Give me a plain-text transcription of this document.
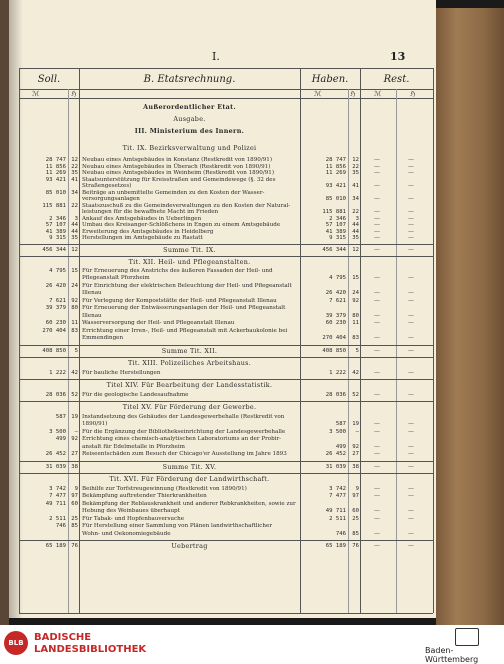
I.	13
Soll.	B. Etatsrechnung.	Haben.	Rest.
ℳ	ℌ	ℳ	ℌ	ℳ	ℌ
Außerordentlicher Etat.
Ausgabe.
III. Ministerium des Innern.
Tit. IX. Bezirksverwaltung und Polizei
28 747 12 Neubau eines Amtsgebäudes in Konstanz (Restkredit von 1890/91)	28 747	12	—	—
11 856 22 Neubau eines Amtsgebäudes in Überach (Restkredit von 1890/91)	11 856	22	—	—
11 269 35 Neubau eines Amtsgebäudes in Weinheim (Restkredit von 1890/91)	11 269	35	—	—
93 421 41 Staatsunterstützung für Kreisstraßen und Gemeindewege (§. 32 des
Straßengesetzes)	93 421	41	—	—
85 010 34 Beiträge an unbemittelte Gemeinden zu den Kosten der Wasser-
versorgungsanlagen	85 010	34	—	—
115 881 22 Staatszuschuß zu die Gemeindeverwaltungen zu den Kosten der Natural-
leistungen für die bewaffnete Macht im Frieden	115 881	22	—	—
2 346	3 Ankauf des Amtsgebäudes in Ueberlingen	2 346	3	—	—
57 107 44 Umbau des Kreisanger-Schlößchens in Engen zu einem Amtsgebäude	57 107	44	—	—
41 389 44 Erweiterung des Amtsgebäudes in Heidelberg	41 389	44	—	—
9 315 35 Herstellungen im Amtsgebäude zu Rastatt	9 315	35	—	—
456 344 12	Summe Tit. IX.	456 344	12	—	—
Tit. XII. Heil- und Pflegeanstalten.
4 795 15 Für Erneuerung des Anstrichs des äußeren Fassaden der Heil- und
Pflegeanstalt Pforzheim	4 795	15	—	—
26 420 24 Für Einrichtung der elektrischen Beleuchtung der Heil- und Pflegeanstalt
Illenau	26 420	24	—	—
7 621 92 Für Verlegung der Kompoststätte der Heil- und Pflegeanstalt Illenau	7 621	92	—	—
39 379 80 Für Erneuerung der Entwässerungsanlagen der Heil- und Pflegeanstalt
Illenau	39 379	80	—	—
60 230 11 Wasserversorgung der Heil- und Pflegeanstalt Illenau	60 230	11	—	—
270 404 83 Errichtung einer Irren-, Heil- und Pflegeanstalt mit Ackerbaukolonie bei
Emmendingen	270 404	83	—	—
408 850	5	Summe Tit. XII.	408 850	5	—	—
Tit. XIII. Polizeiliches Arbeitshaus.
1 222 42 Für bauliche Herstellungen	1 222	42	—	—
Titel XIV. Für Bearbeitung der Landesstatistik.
28 036 52 Für die geologische Landesaufnahme	28 036	52	—	—
Titel XV. Für Förderung der Gewerbe.
587 19 Instandsetzung des Gebäudes der Landesgewerbehalle (Restkredit von
1890/91)	587	19	—	—
3 500	— Für die Ergänzung der Bibliothekseinrichtung der Landesgewerbehalle	3 500	—	—	—
499 92 Errichtung eines chemisch-analytischen Laboratoriums an der Probir-
anstalt für Edelmetalle in Pforzheim	499	92	—	—
26 452 27 Reiseentschäden zum Besuch der Chicago'er Ausstellung im Jahre 1893	26 452	27	—	—
31 039 38	Summe Tit. XV.	31 039	38	—	—
Tit. XVI. Für Förderung der Landwirthschaft.
3 742	9 Beihilfe zur Torfstreugewinnung (Restkredit von 1890/91)	3 742	9	—	—
7 477 97 Bekämpfung auftretender Thierkrankheiten	7 477	97	—	—
49 711 60 Bekämpfung der Reblauskrankheit und anderer Rebkrankheiten, sowie zur
Hebung des Weinbaues überhaupt	49 711	60	—	—
2 511 25 Für Tabak- und Hopfenbauversuche	2 511	25	—	—
746 85 Für Herstellung einer Sammlung von Plänen landwirthschaftlicher
Wohn- und Oekonomiegebäude	746	85	—	—
65 189 76	Uebertrag	65 189	76	—	—
BLB	BADISCHE
LANDESBIBLIOTHEK	Baden-Württemberg
